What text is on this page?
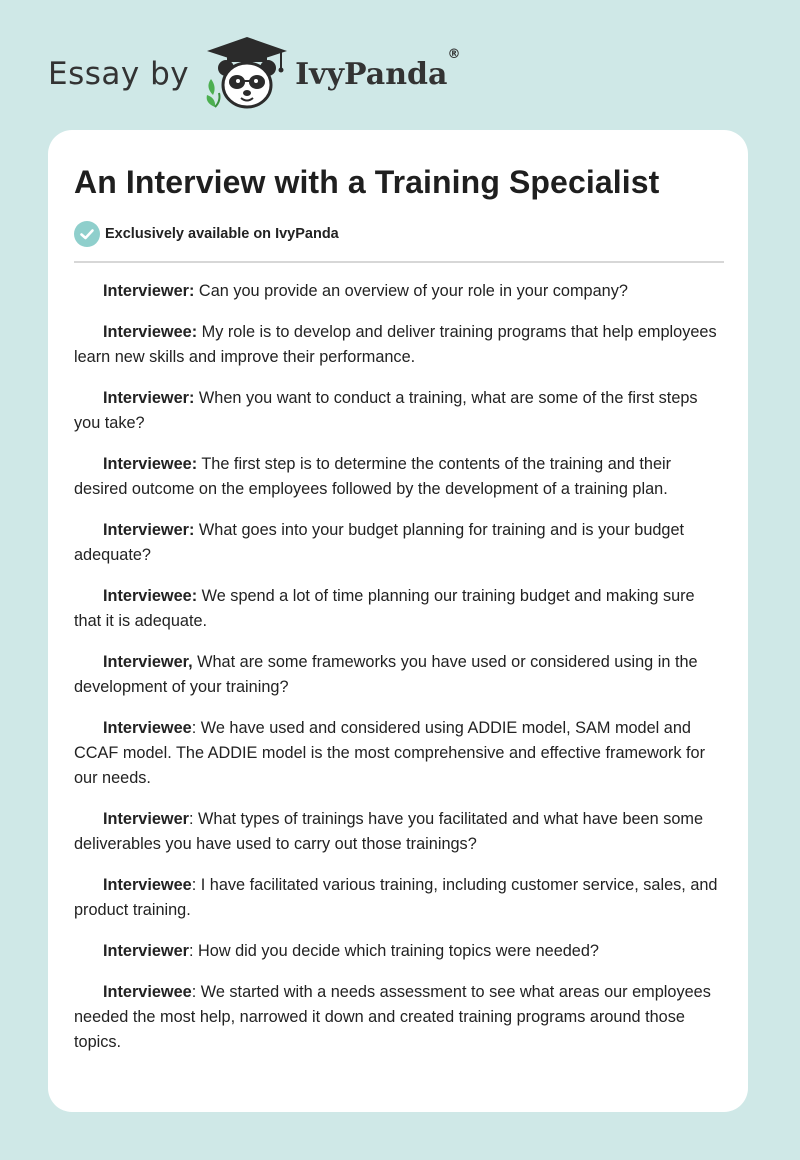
Essay by	IvyPanda®
An Interview with a Training Specialist
Exclusively available on IvyPanda

Interviewer: Can you provide an overview of your role in your company?

Interviewee: My role is to develop and deliver training programs that help employees learn new skills and improve their performance.

Interviewer: When you want to conduct a training, what are some of the first steps you take?

Interviewee: The first step is to determine the contents of the training and their desired outcome on the employees followed by the development of a training plan.

Interviewer: What goes into your budget planning for training and is your budget adequate?

Interviewee: We spend a lot of time planning our training budget and making sure that it is adequate.

Interviewer, What are some frameworks you have used or considered using in the development of your training?

Interviewee: We have used and considered using ADDIE model, SAM model and CCAF model. The ADDIE model is the most comprehensive and effective framework for our needs.

Interviewer: What types of trainings have you facilitated and what have been some deliverables you have used to carry out those trainings?

Interviewee: I have facilitated various training, including customer service, sales, and product training.

Interviewer: How did you decide which training topics were needed?

Interviewee: We started with a needs assessment to see what areas our employees needed the most help, narrowed it down and created training programs around those topics.
